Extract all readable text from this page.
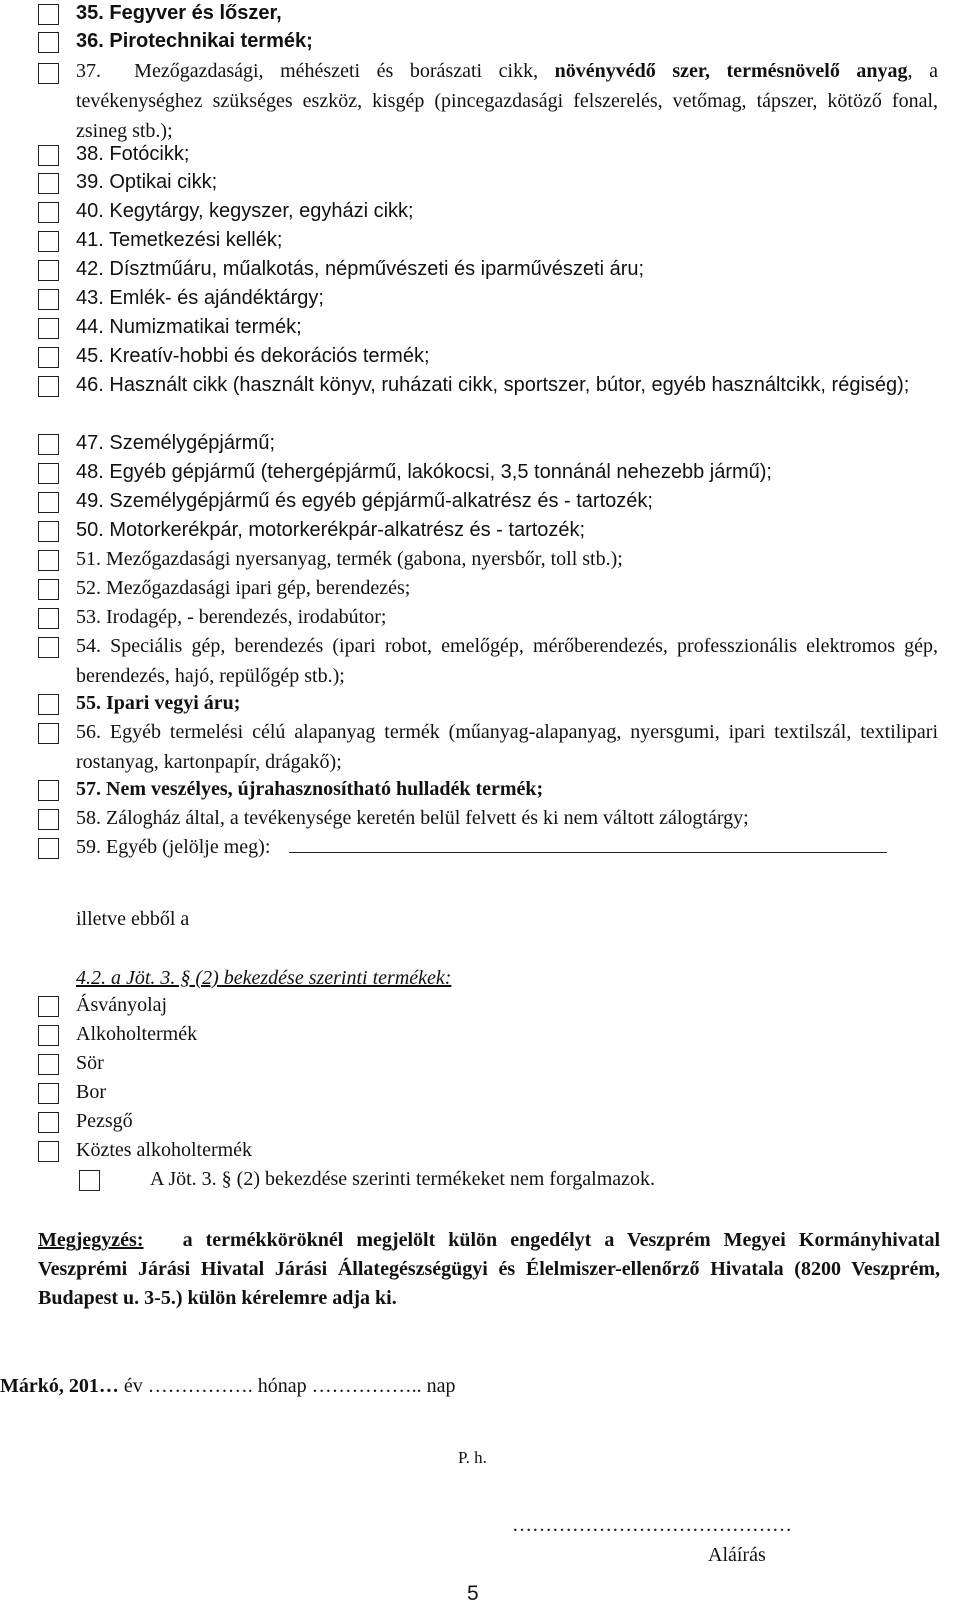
35. Fegyver és lőszer,
36. Pirotechnikai termék;
37. Mezőgazdasági, méhészeti és borászati cikk, növényvédő szer, termésnövelő anyag, a tevékenységhez szükséges eszköz, kisgép (pincegazdasági felszerelés, vetőmag, tápszer, kötöző fonal, zsineg stb.);
38. Fotócikk;
39. Optikai cikk;
40. Kegytárgy, kegyszer, egyházi cikk;
41. Temetkezési kellék;
42. Dísztműáru, műalkotás, népművészeti és iparművészeti áru;
43. Emlék- és ajándéktárgy;
44. Numizmatikai termék;
45. Kreatív-hobbi és dekorációs termék;
46. Használt cikk (használt könyv, ruházati cikk, sportszer, bútor, egyéb használtcikk, régiség);
47. Személygépjármű;
48. Egyéb gépjármű (tehergépjármű, lakókocsi, 3,5 tonnánál nehezebb jármű);
49. Személygépjármű és egyéb gépjármű-alkatrész és - tartozék;
50. Motorkerékpár, motorkerékpár-alkatrész és - tartozék;
51. Mezőgazdasági nyersanyag, termék (gabona, nyersbőr, toll stb.);
52. Mezőgazdasági ipari gép, berendezés;
53. Irodagép, - berendezés, irodabútor;
54. Speciális gép, berendezés (ipari robot, emelőgép, mérőberendezés, professzionális elektromos gép, berendezés, hajó, repülőgép stb.);
55. Ipari vegyi áru;
56. Egyéb termelési célú alapanyag termék (műanyag-alapanyag, nyersgumi, ipari textilszál, textilipari rostanyag, kartonpapír, drágakő);
57. Nem veszélyes, újrahasznosítható hulladék termék;
58. Zálogház által, a tevékenysége keretén belül felvett és ki nem váltott zálogtárgy;
59. Egyéb (jelölje meg):
illetve ebből a
4.2. a Jöt. 3. § (2) bekezdése szerinti termékek:
Ásványolaj
Alkoholtermék
Sör
Bor
Pezsgő
Köztes alkoholtermék
A Jöt. 3. § (2) bekezdése szerinti termékeket nem forgalmazok.
Megjegyzés: a termékköröknél megjelölt külön engedélyt a Veszprém Megyei Kormányhivatal Veszprémi Járási Hivatal Járási Állategészségügyi és Élelmiszer-ellenőrző Hivatala (8200 Veszprém, Budapest u. 3-5.) külön kérelemre adja ki.
Márkó, 201… év ……………. hónap …………….. nap
P. h.
……………………………………
Aláírás
5
